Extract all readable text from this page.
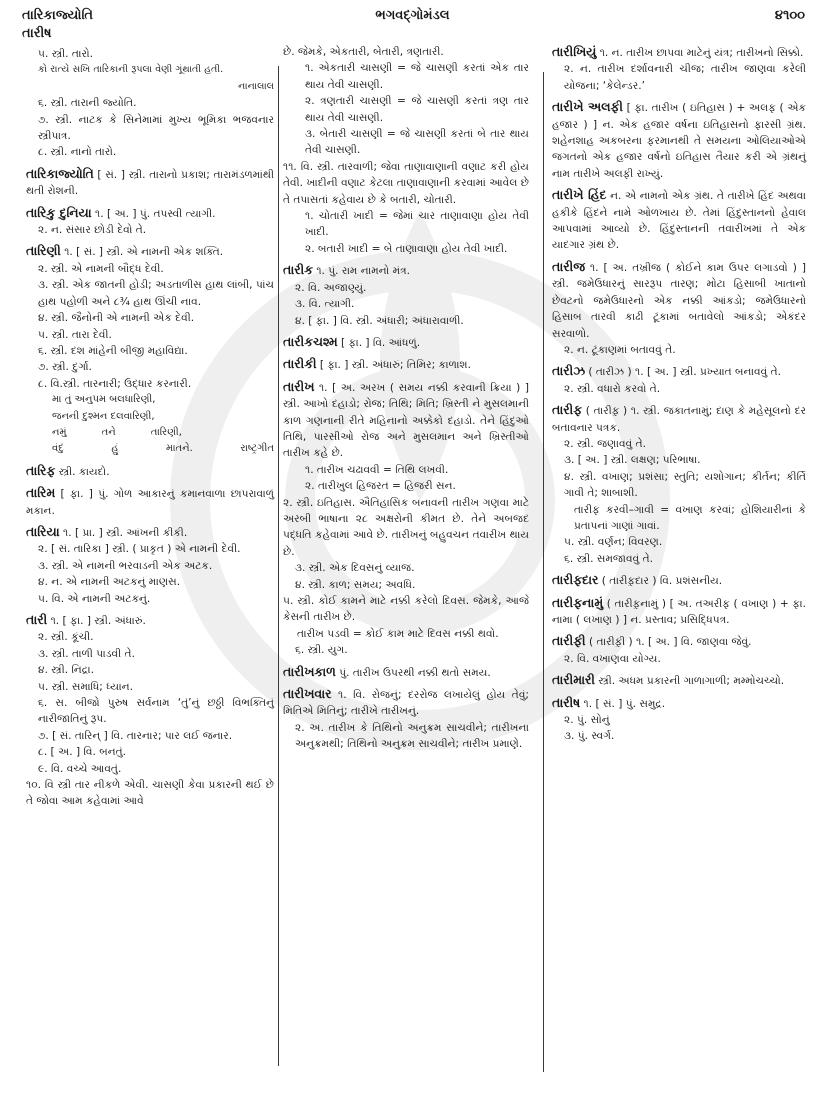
તારિકાજ્યોતિ	ભગવદ્ગોમંડલ	૪૧૦૦
તારીષ
૫. સ્ત્રી. તારો.
કો રાત્યે સખિ તારિકાની રૂપલા વેણી ગૂંથાતી હતી.
નાનાલાલ
૬. સ્ત્રી. તારાની જ્યોતિ.
૭. સ્ત્રી. નાટક કે સિનેમામાં મુખ્ય ભૂમિકા ભજવનાર સ્ત્રીપાત્ર.
૮. સ્ત્રી. નાનો તારો.
તારિકાજ્યોતિ [ સં. ] સ્ત્રી. તારાનો પ્રકાશ; તારામંડળમાંથી થતી રોશની.
તારિકુ દુનિયા ૧. [ અ. ] પું. તપસ્વી ત્યાગી.
૨. ન. સંસાર છોડી દેવો તે.
તારિણી ૧. [ સં. ] સ્ત્રી. એ નામની એક શક્તિ.
૨. સ્ત્રી. એ નામની બૌદ્ધ દેવી.
૩. સ્ત્રી. એક જાતની હોડી; અડતાળીસ હાથ લાંબી, પાંચ હાથ પહોળી અને ૮¾ હાથ ઊંચી નાવ.
૪. સ્ત્રી. જૈનોની એ નામની એક દેવી.
૫. સ્ત્રી. તારા દેવી.
૬. સ્ત્રી. દશ માંહેની બીજી મહાવિદ્યા.
૭. સ્ત્રી. દુર્ગા.
૮. વિ.સ્ત્રી. તારનારી; ઉદ્ધાર કરનારી.
મા તું અનુપમ બલધારિણી,
જનની દુશ્મન દલવારિણી,
નમું	તને	તારિણી,
વંદું	હું	માતને.	રાષ્ટ્રગીત
તારિફ સ્ત્રી. કાયદો.
તારિમ [ ફા. ] પું. ગોળ આકારનું કમાનવાળા છાપરાવાળું મકાન.
તારિયા ૧. [ પ્રા. ] સ્ત્રી. આંખની કીકી.
૨. [ સં. તારિકા ] સ્ત્રી. ( પ્રાકૃત ) એ નામની દેવી.
૩. સ્ત્રી. એ નામની ભરવાડની એક અટક.
૪. ન. એ નામની અટકનું માણસ.
૫. વિ. એ નામની અટકનું.
તારી ૧. [ ફા. ] સ્ત્રી. અંધારું.
૨. સ્ત્રી. કૂંચી.
૩. સ્ત્રી. તાળી પાડવી તે.
૪. સ્ત્રી. નિદ્રા.
૫. સ્ત્રી. સમાધિ; ધ્યાન.
૬. સ. બીજો પુરુષ સર્વનામ ‘તું’નું છઠ્ઠી વિભક્તિનું નારીજાતિનું રૂપ.
૭. [ સં. તારિન્ ] વિ. તારનાર; પાર લઈ જનાર.
૮. [ અ. ] વિ. બનતું.
૯. વિ. વચ્ચે આવતું.
૧૦. વિ સ્ત્રી તાર નીકળે એવી. ચાસણી કેવા પ્રકારની થઈ છે તે જોવા આમ કહેવામાં આવે
છે. જેમકે, એકતારી, બેતારી, ત્રણતારી.
૧. એકતારી ચાસણી = જે ચાસણી કરતાં એક તાર થાય તેવી ચાસણી.
૨. ત્રણતારી ચાસણી = જે ચાસણી કરતાં ત્રણ તાર થાય તેવી ચાસણી.
૩. બેતારી ચાસણી = જે ચાસણી કરતાં બે તાર થાય તેવી ચાસણી.
૧૧. વિ. સ્ત્રી. તારવાળી; જેવા તાણાવાણાની વણાટ કરી હોય તેવી. ખાદીની વણાટ કેટલા તાણાવાણાની કરવામાં આવેલ છે તે તપાસતાં કહેવાય છે કે બતારી, ચોતારી.
૧. ચોતારી ખાદી = જેમાં ચાર તાણાવાણા હોય તેવી ખાદી.
૨. બતારી ખાદી = બે તાણાવાણા હોય તેવી ખાદી.
તારીક ૧. પું. રામ નામનો મંત્ર.
૨. વિ. અજાણ્યું.
૩. વિ. ત્યાગી.
૪. [ ફા. ] વિ. સ્ત્રી. અંધારી; અંધારાવાળી.
તારીકચશ્મ [ ફા. ] વિ. આંધળું.
તારીકી [ ફા. ] સ્ત્રી. અંધારું; તિમિર; કાળાશ.
તારીખ ૧. [ અ. અરખ ( સમય નક્કી કરવાની ક્રિયા ) ] સ્ત્રી. આખો દહાડો; રોજ; તિથિ; મિતિ; ખ્રિસ્તી ને મુસલમાની કાળ ગણનાની રીતે મહિનાનો અક્કેકો દહાડો. તેને હિંદુઓ તિથિ, પારસીઓ રોજ અને મુસલમાન અને ખ્રિસ્તીઓ તારીખ કહે છે.
૧. તારીખ ચઢાવવી = તિથિ લખવી.
૨. તારીખુલ હિજરત = હિજરી સન.
૨. સ્ત્રી. ઇતિહાસ. ઐતિહાસિક બનાવની તારીખ ગણવા માટે અરબી ભાષાના ૨૮ અક્ષરોની કીમત છે. તેને અબજદ પદ્ધતિ કહેવામાં આવે છે. તારીખનું બહુવચન તવારીખ થાય છે.
૩. સ્ત્રી. એક દિવસનું વ્યાજ.
૪. સ્ત્રી. કાળ; સમય; અવધિ.
૫. સ્ત્રી. કોઈ કામને માટે નક્કી કરેલો દિવસ. જેમકે, આજે કેસની તારીખ છે.
તારીખ પડવી = કોઈ કામ માટે દિવસ નક્કી થવો.
૬. સ્ત્રી. યુગ.
તારીખકાળ પું. તારીખ ઉપરથી નક્કી થતો સમય.
તારીખવાર ૧. વિ. રોજનું; દરરોજ લખાયેલું હોય તેવું; મિતિએ મિતિનું; તારીખે તારીખનું.
૨. અ. તારીખ કે તિથિનો અનુક્રમ સાચવીને; તારીખના અનુક્રમથી; તિથિનો અનુક્રમ સાચવીને; તારીખ પ્રમાણે.
તારીખિયું ૧. ન. તારીખ છાપવા માટેનું યંત્ર; તારીખનો સિક્કો.
૨. ન. તારીખ દર્શાવનારી ચીજ; તારીખ જાણવા કરેલી યોજના; ‘કેલેન્ડર.’
તારીખે અલફી [ ફા. તારીખ ( ઇતિહાસ ) + અલફ ( એક હજાર ) ] ન. એક હજાર વર્ષના ઇતિહાસનો ફારસી ગ્રંથ. શહેનશાહ અકબરના ફરમાનથી તે સમયના ઓલિયાઓએ જગતનો એક હજાર વર્ષનો ઇતિહાસ તૈયાર કરી એ ગ્રંથનું નામ તારીખે અલફી રાખ્યું.
તારીખે હિંદ ન. એ નામનો એક ગ્રંથ. તે તારીખે હિંદ અથવા હકીકે હિંદને નામે ઓળખાય છે. તેમાં હિંદુસ્તાનનો હેવાલ આપવામાં આવ્યો છે. હિંદુસ્તાનની તવારીખમાં તે એક યાદગાર ગ્રંથ છે.
તારીજ ૧. [ અ. તખ્રીજ ( કોઈને કામ ઉપર લગાડવો ) ] સ્ત્રી. જમેઉધારનું સારરૂપ તારણ; મોટા હિસાબી ખાતાનો છેવટનો જમેઉધારનો એક નક્કી આંકડો; જમેઉધારનો હિસાબ તારવી કાઢી ટૂંકામાં બતાવેલો આંકડો; એકંદર સરવાળો.
૨. ન. ટૂંકાણમાં બતાવવું તે.
તારીઝ ( તારીઝ ) ૧. [ અ. ] સ્ત્રી. પ્રખ્યાત બનાવવું તે.
૨. સ્ત્રી. વધારો કરવો તે.
તારીફ ( તારીફ઼ ) ૧. સ્ત્રી. જકાતનામું; દાણ કે મહેસૂલનો દર બતાવનાર પત્રક.
૨. સ્ત્રી. જણાવવું તે.
૩. [ અ. ] સ્ત્રી. લક્ષણ; પરિભાષા.
૪. સ્ત્રી. વખાણ; પ્રશંસા; સ્તુતિ; યશોગાન; કીર્તન; કીર્તિ ગાવી તે; શાબાશી.
તારીફ કરવી–ગાવી = વખાણ કરવાં; હોશિયારીનાં કે પ્રતાપનાં ગાણાં ગાવાં.
૫. સ્ત્રી. વર્ણન; વિવરણ.
૬. સ્ત્રી. સમજાવવું તે.
તારીફદાર ( તારીફ઼દાર ) વિ. પ્રશંસનીય.
તારીફનામું ( તારીફ઼નામું ) [ અ. તઅરીફ ( વખાણ ) + ફા. નામા ( લખાણ ) ] ન. પ્રસ્તાવ; પ્રસિદ્ધિપત્ર.
તારીફી ( તારીફ઼ી ) ૧. [ અ. ] વિ. જાણવા જેવું.
૨. વિ. વખાણવા યોગ્ય.
તારીમારી સ્ત્રી. અધમ પ્રકારની ગાળાગાળી; મમ્મોચચ્ચો.
તારીષ ૧. [ સં. ] પું. સમુદ્ર.
૨. પું. સોનું
૩. પું. સ્વર્ગ.
